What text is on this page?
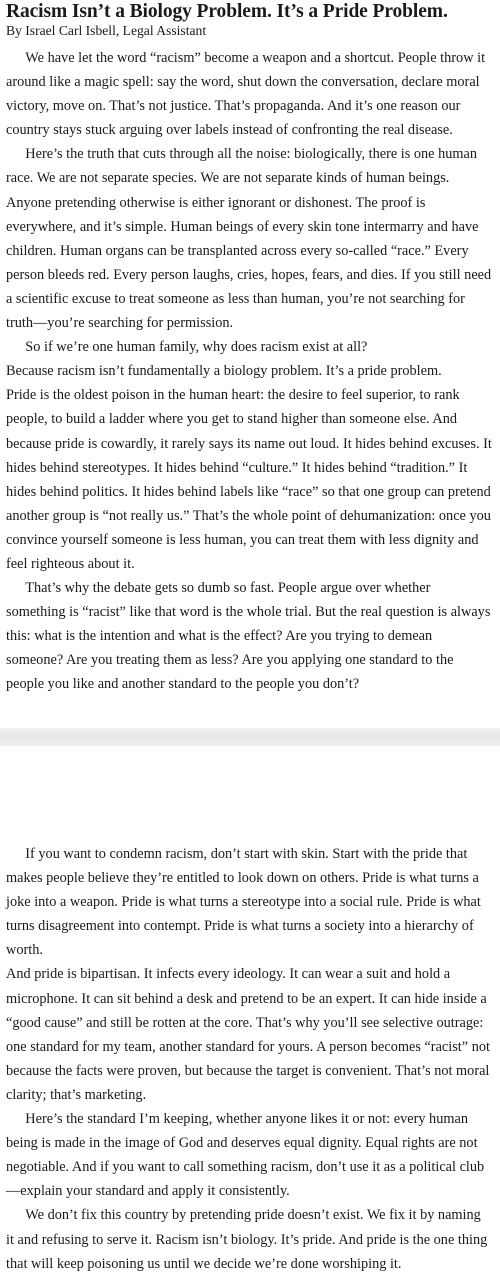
Racism Isn’t a Biology Problem. It’s a Pride Problem.
By Israel Carl Isbell, Legal Assistant

We have let the word “racism” become a weapon and a shortcut. People throw it around like a magic spell: say the word, shut down the conversation, declare moral victory, move on. That’s not justice. That’s propaganda. And it’s one reason our country stays stuck arguing over labels instead of confronting the real disease.

Here’s the truth that cuts through all the noise: biologically, there is one human race. We are not separate species. We are not separate kinds of human beings. Anyone pretending otherwise is either ignorant or dishonest. The proof is everywhere, and it’s simple. Human beings of every skin tone intermarry and have children. Human organs can be transplanted across every so-called “race.” Every person bleeds red. Every person laughs, cries, hopes, fears, and dies. If you still need a scientific excuse to treat someone as less than human, you’re not searching for truth—you’re searching for permission.

So if we’re one human family, why does racism exist at all?

Because racism isn’t fundamentally a biology problem. It’s a pride problem.

Pride is the oldest poison in the human heart: the desire to feel superior, to rank people, to build a ladder where you get to stand higher than someone else. And because pride is cowardly, it rarely says its name out loud. It hides behind excuses. It hides behind stereotypes. It hides behind “culture.” It hides behind “tradition.” It hides behind politics. It hides behind labels like “race” so that one group can pretend another group is “not really us.” That’s the whole point of dehumanization: once you convince yourself someone is less human, you can treat them with less dignity and feel righteous about it.

That’s why the debate gets so dumb so fast. People argue over whether something is “racist” like that word is the whole trial. But the real question is always this: what is the intention and what is the effect? Are you trying to demean someone? Are you treating them as less? Are you applying one standard to the people you like and another standard to the people you don’t?

If you want to condemn racism, don’t start with skin. Start with the pride that makes people believe they’re entitled to look down on others. Pride is what turns a joke into a weapon. Pride is what turns a stereotype into a social rule. Pride is what turns disagreement into contempt. Pride is what turns a society into a hierarchy of worth.

And pride is bipartisan. It infects every ideology. It can wear a suit and hold a microphone. It can sit behind a desk and pretend to be an expert. It can hide inside a “good cause” and still be rotten at the core. That’s why you’ll see selective outrage: one standard for my team, another standard for yours. A person becomes “racist” not because the facts were proven, but because the target is convenient. That’s not moral clarity; that’s marketing.

Here’s the standard I’m keeping, whether anyone likes it or not: every human being is made in the image of God and deserves equal dignity. Equal rights are not negotiable. And if you want to call something racism, don’t use it as a political club—explain your standard and apply it consistently.

We don’t fix this country by pretending pride doesn’t exist. We fix it by naming it and refusing to serve it. Racism isn’t biology. It’s pride. And pride is the one thing that will keep poisoning us until we decide we’re done worshiping it.
